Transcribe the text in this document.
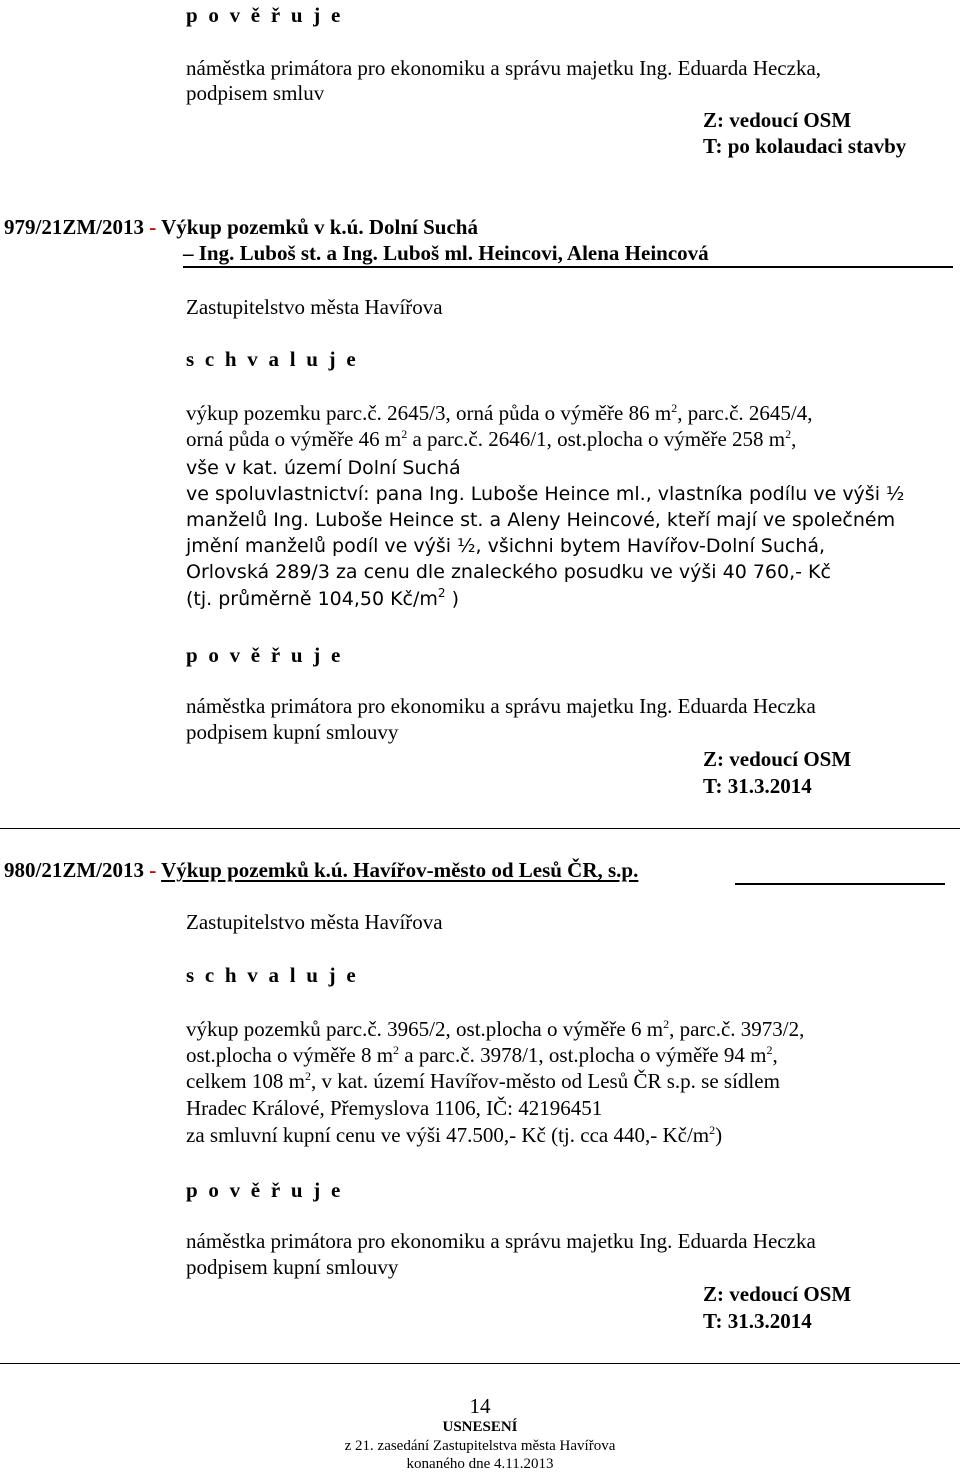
p o v ě ř u j e
náměstka primátora pro ekonomiku a správu majetku Ing. Eduarda Heczka,
podpisem smluv
Z: vedoucí OSM
T: po kolaudaci stavby
979/21ZM/2013 - Výkup pozemků v k.ú. Dolní Suchá
– Ing. Luboš st. a Ing. Luboš ml. Heincovi, Alena Heincová
Zastupitelstvo města Havířova
s c h v a l u j e
výkup pozemku parc.č. 2645/3, orná půda o výměře 86 $m^2$, parc.č. 2645/4,
orná půda o výměře 46 $m^2$ a parc.č. 2646/1, ost.plocha o výměře 258 $m^2$,
vše v kat. území Dolní Suchá
ve spoluvlastnictví: pana Ing. Luboše Heince ml., vlastníka podílu ve výši ½
manželů Ing. Luboše Heince st. a Aleny Heincové, kteří mají ve společném
jmění manželů podíl ve výši ½, všichni bytem Havířov-Dolní Suchá,
Orlovská 289/3 za cenu dle znaleckého posudku ve výši 40 760,- Kč
(tj. průměrně 104,50 $Kč/m^2$ )
p o v ě ř u j e
náměstka primátora pro ekonomiku a správu majetku Ing. Eduarda Heczka
podpisem kupní smlouvy
Z: vedoucí OSM
T: 31.3.2014
980/21ZM/2013 - Výkup pozemků k.ú. Havířov-město od Lesů ČR, s.p.
Zastupitelstvo města Havířova
s c h v a l u j e
výkup pozemků parc.č. 3965/2, ost.plocha o výměře 6 $m^2$, parc.č. 3973/2,
ost.plocha o výměře 8 $m^2$ a parc.č. 3978/1, ost.plocha o výměře 94 $m^2$,
celkem 108 $m^2$, v kat. území Havířov-město od Lesů ČR s.p. se sídlem
Hradec Králové, Přemyslova 1106, IČ: 42196451
za smluvní kupní cenu ve výši 47.500,- Kč (tj. cca 440,- $Kč/m^2$)
p o v ě ř u j e
náměstka primátora pro ekonomiku a správu majetku Ing. Eduarda Heczka
podpisem kupní smlouvy
Z: vedoucí OSM
T: 31.3.2014
14
USNESENÍ
z 21. zasedání Zastupitelstva města Havířova
konaného dne 4.11.2013
